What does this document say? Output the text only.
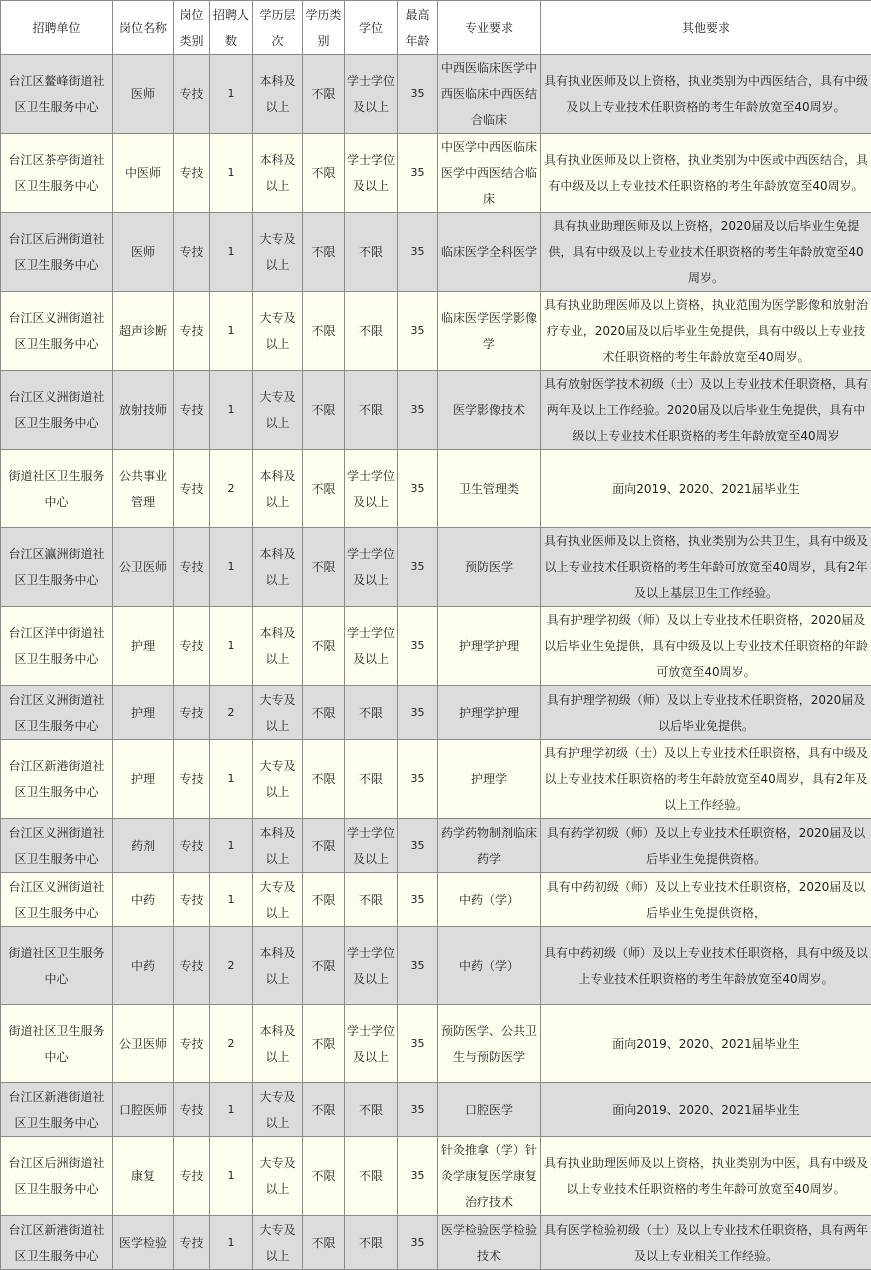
招聘单位	岗位名称	岗位类别	招聘人数	学历层次	学历类别	学位	最高年龄	专业要求	其他要求
台江区鳌峰街道社区卫生服务中心	医师	专技	1	本科及以上	不限	学士学位及以上	35	中西医临床医学中西医临床中西医结合临床	具有执业医师及以上资格，执业类别为中西医结合，具有中级及以上专业技术任职资格的考生年龄放宽至40周岁。
台江区茶亭街道社区卫生服务中心	中医师	专技	1	本科及以上	不限	学士学位及以上	35	中医学中西医临床医学中西医结合临床	具有执业医师及以上资格，执业类别为中医或中西医结合，具有中级及以上专业技术任职资格的考生年龄放宽至40周岁。
台江区后洲街道社区卫生服务中心	医师	专技	1	大专及以上	不限	不限	35	临床医学全科医学	具有执业助理医师及以上资格，2020届及以后毕业生免提供，具有中级及以上专业技术任职资格的考生年龄放宽至40周岁。
台江区义洲街道社区卫生服务中心	超声诊断	专技	1	大专及以上	不限	不限	35	临床医学医学影像学	具有执业助理医师及以上资格，执业范围为医学影像和放射治疗专业，2020届及以后毕业生免提供，具有中级以上专业技术任职资格的考生年龄放宽至40周岁。
台江区义洲街道社区卫生服务中心	放射技师	专技	1	大专及以上	不限	不限	35	医学影像技术	具有放射医学技术初级（士）及以上专业技术任职资格，具有两年及以上工作经验。2020届及以后毕业生免提供，具有中级以上专业技术任职资格的考生年龄放宽至40周岁
街道社区卫生服务中心	公共事业管理	专技	2	本科及以上	不限	学士学位及以上	35	卫生管理类	面向2019、2020、2021届毕业生
台江区瀛洲街道社区卫生服务中心	公卫医师	专技	1	本科及以上	不限	学士学位及以上	35	预防医学	具有执业医师及以上资格，执业类别为公共卫生，具有中级及以上专业技术任职资格的考生年龄可放宽至40周岁，具有2年及以上基层卫生工作经验。
台江区洋中街道社区卫生服务中心	护理	专技	1	本科及以上	不限	学士学位及以上	35	护理学护理	具有护理学初级（师）及以上专业技术任职资格，2020届及以后毕业生免提供，具有中级及以上专业技术任职资格的年龄可放宽至40周岁。
台江区义洲街道社区卫生服务中心	护理	专技	2	大专及以上	不限	不限	35	护理学护理	具有护理学初级（师）及以上专业技术任职资格，2020届及以后毕业免提供。
台江区新港街道社区卫生服务中心	护理	专技	1	大专及以上	不限	不限	35	护理学	具有护理学初级（士）及以上专业技术任职资格，具有中级及以上专业技术任职资格的考生年龄放宽至40周岁，具有2年及以上工作经验。
台江区义洲街道社区卫生服务中心	药剂	专技	1	本科及以上	不限	学士学位及以上	35	药学药物制剂临床药学	具有药学初级（师）及以上专业技术任职资格，2020届及以后毕业生免提供资格。
台江区义洲街道社区卫生服务中心	中药	专技	1	大专及以上	不限	不限	35	中药（学）	具有中药初级（师）及以上专业技术任职资格，2020届及以后毕业生免提供资格，
街道社区卫生服务中心	中药	专技	2	本科及以上	不限	学士学位及以上	35	中药（学）	具有中药初级（师）及以上专业技术任职资格，具有中级及以上专业技术任职资格的考生年龄放宽至40周岁。
街道社区卫生服务中心	公卫医师	专技	2	本科及以上	不限	学士学位及以上	35	预防医学、公共卫生与预防医学	面向2019、2020、2021届毕业生
台江区新港街道社区卫生服务中心	口腔医师	专技	1	大专及以上	不限	不限	35	口腔医学	面向2019、2020、2021届毕业生
台江区后洲街道社区卫生服务中心	康复	专技	1	大专及以上	不限	不限	35	针灸推拿（学）针灸学康复医学康复治疗技术	具有执业助理医师及以上资格，执业类别为中医，具有中级及以上专业技术任职资格的考生年龄可放宽至40周岁。
台江区新港街道社区卫生服务中心	医学检验	专技	1	大专及以上	不限	不限	35	医学检验医学检验技术	具有医学检验初级（士）及以上专业技术任职资格，具有两年及以上专业相关工作经验。
